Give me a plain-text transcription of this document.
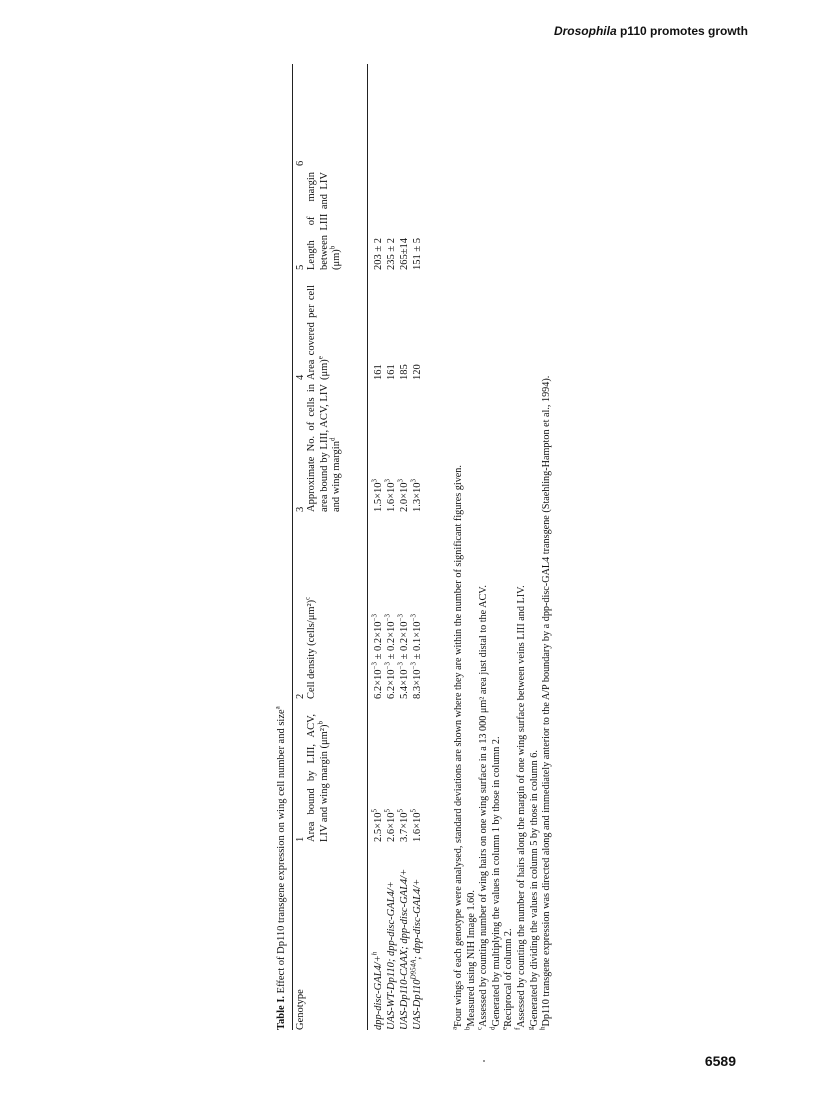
Drosophila p110 promotes growth
Table I. Effect of Dp110 transgene expression on wing cell number and size$^a$
Genotype
1 Area bound by LIII, ACV, LIV and wing margin $(\mu m^2)^b$
2 Cell density (cells/μm²)$^c$
3 Approximate No. of cells in area bound by LIII, ACV, LIV and wing margin$^d$
4 Area covered per cell $(\mu m)^e$
5 Length of margin between LIII and LIV $(\mu m)^b$
6
dpp-disc-GAL4/+$^h$ UAS-WT-Dp110; dpp-disc-GAL4/+ UAS-Dp110-CAAX; dpp-disc-GAL4/+ UAS-$Dp110^{D954A}$; dpp-disc-GAL4/+
$2.5\times 10^5$
$2.6\times 10^5$
$3.7\times 10^5$
$1.6\times 10^5$
$6.2\times 10^{-3} \pm 0.2\times 10^{-3}$
$6.2\times 10^{-3} \pm 0.2\times 10^{-3}$
$5.4\times 10^{-3} \pm 0.2\times 10^{-3}$
$8.3\times 10^{-3} \pm 0.1\times 10^{-3}$
$1.5\times 10^3$
$1.6\times 10^3$
$2.0\times 10^3$
$1.3\times 10^3$
161 161 185 120
203 ± 2 235 ± 2 265±14 151 ± 5
$^a$Four wings of each genotype were analysed, standard deviations are shown where they are within the number of significant figures given.
$^b$Measured using NIH Image 1.60.
$^c$Assessed by counting number of wing hairs on one wing surface in a 13 000 μm² area just distal to the ACV.
$^d$Generated by multiplying the values in column 1 by those in column 2.
$^e$Reciprocal of column 2.
$^f$Assessed by counting the number of hairs along the margin of one wing surface between veins LIII and LIV.
$^g$Generated by dividing the values in column 5 by those in column 6.
$^h$Dp110 transgene expression was directed along and immediately anterior to the A/P boundary by a dpp-disc-GAL4 transgene (Staehling-Hampton et al., 1994).
6589
